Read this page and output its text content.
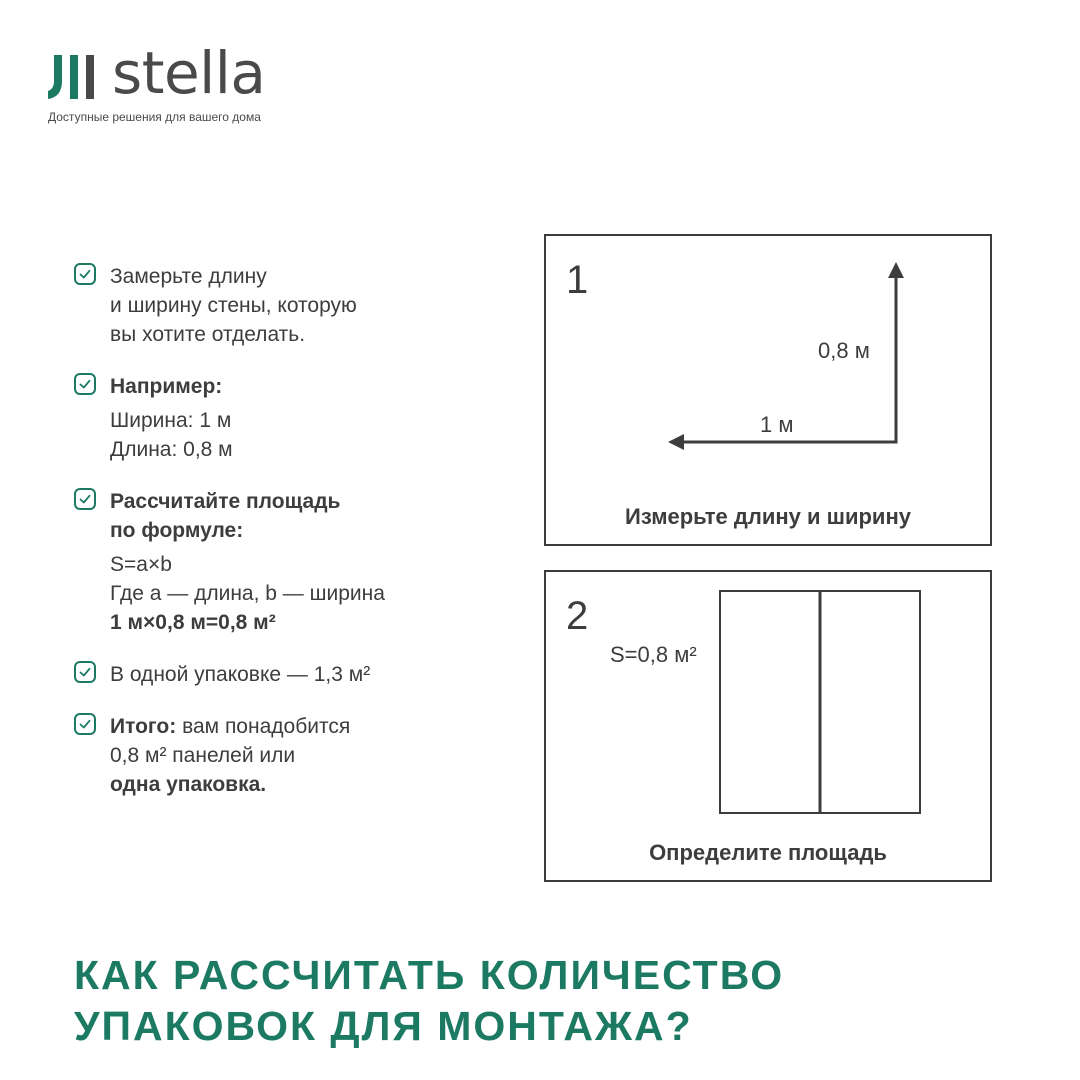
stella
Доступные решения для вашего дома
Замерьте длину
и ширину стены, которую
вы хотите отделать.
Например:
Ширина: 1 м
Длина: 0,8 м
Рассчитайте площадь
по формуле:
S=a×b
Где a — длина, b — ширина
1 м×0,8 м=0,8 м²
В одной упаковке — 1,3 м²
Итого: вам понадобится
0,8 м² панелей или
одна упаковка.
1
0,8 м
1 м
Измерьте длину и ширину
2
S=0,8 м²
Определите площадь
КАК РАССЧИТАТЬ КОЛИЧЕСТВО
УПАКОВОК ДЛЯ МОНТАЖА?
